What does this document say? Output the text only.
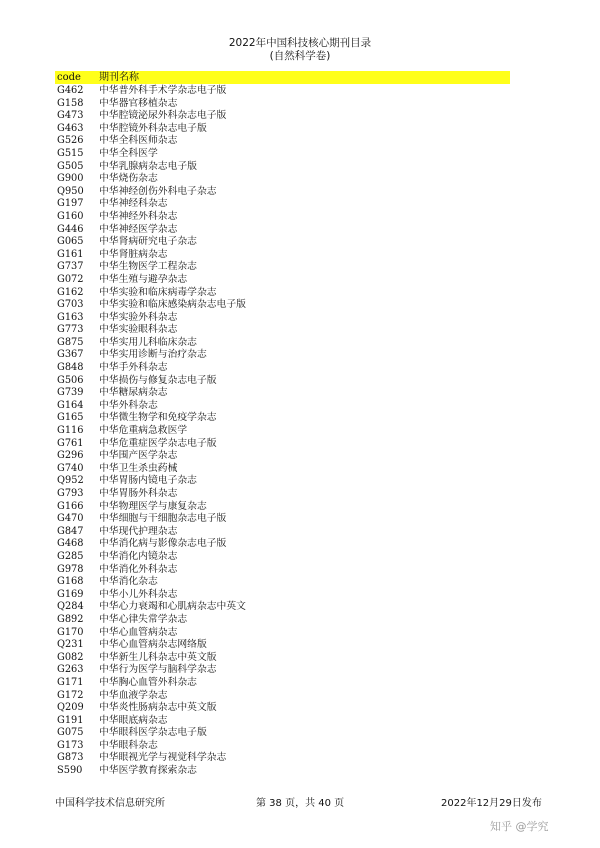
2022年中国科技核心期刊目录
(自然科学卷)
code 期刊名称
G462 中华普外科手术学杂志电子版
G158 中华器官移植杂志
G473 中华腔镜泌尿外科杂志电子版
G463 中华腔镜外科杂志电子版
G526 中华全科医师杂志
G515 中华全科医学
G505 中华乳腺病杂志电子版
G900 中华烧伤杂志
Q950 中华神经创伤外科电子杂志
G197 中华神经科杂志
G160 中华神经外科杂志
G446 中华神经医学杂志
G065 中华肾病研究电子杂志
G161 中华肾脏病杂志
G737 中华生物医学工程杂志
G072 中华生殖与避孕杂志
G162 中华实验和临床病毒学杂志
G703 中华实验和临床感染病杂志电子版
G163 中华实验外科杂志
G773 中华实验眼科杂志
G875 中华实用儿科临床杂志
G367 中华实用诊断与治疗杂志
G848 中华手外科杂志
G506 中华损伤与修复杂志电子版
G739 中华糖尿病杂志
G164 中华外科杂志
G165 中华微生物学和免疫学杂志
G116 中华危重病急救医学
G761 中华危重症医学杂志电子版
G296 中华围产医学杂志
G740 中华卫生杀虫药械
Q952 中华胃肠内镜电子杂志
G793 中华胃肠外科杂志
G166 中华物理医学与康复杂志
G470 中华细胞与干细胞杂志电子版
G847 中华现代护理杂志
G468 中华消化病与影像杂志电子版
G285 中华消化内镜杂志
G978 中华消化外科杂志
G168 中华消化杂志
G169 中华小儿外科杂志
Q284 中华心力衰竭和心肌病杂志中英文
G892 中华心律失常学杂志
G170 中华心血管病杂志
Q231 中华心血管病杂志网络版
G082 中华新生儿科杂志中英文版
G263 中华行为医学与脑科学杂志
G171 中华胸心血管外科杂志
G172 中华血液学杂志
Q209 中华炎性肠病杂志中英文版
G191 中华眼底病杂志
G075 中华眼科医学杂志电子版
G173 中华眼科杂志
G873 中华眼视光学与视觉科学杂志
S590 中华医学教育探索杂志
中国科学技术信息研究所	第 38 页，共 40 页	2022年12月29日发布
知乎 @学究
